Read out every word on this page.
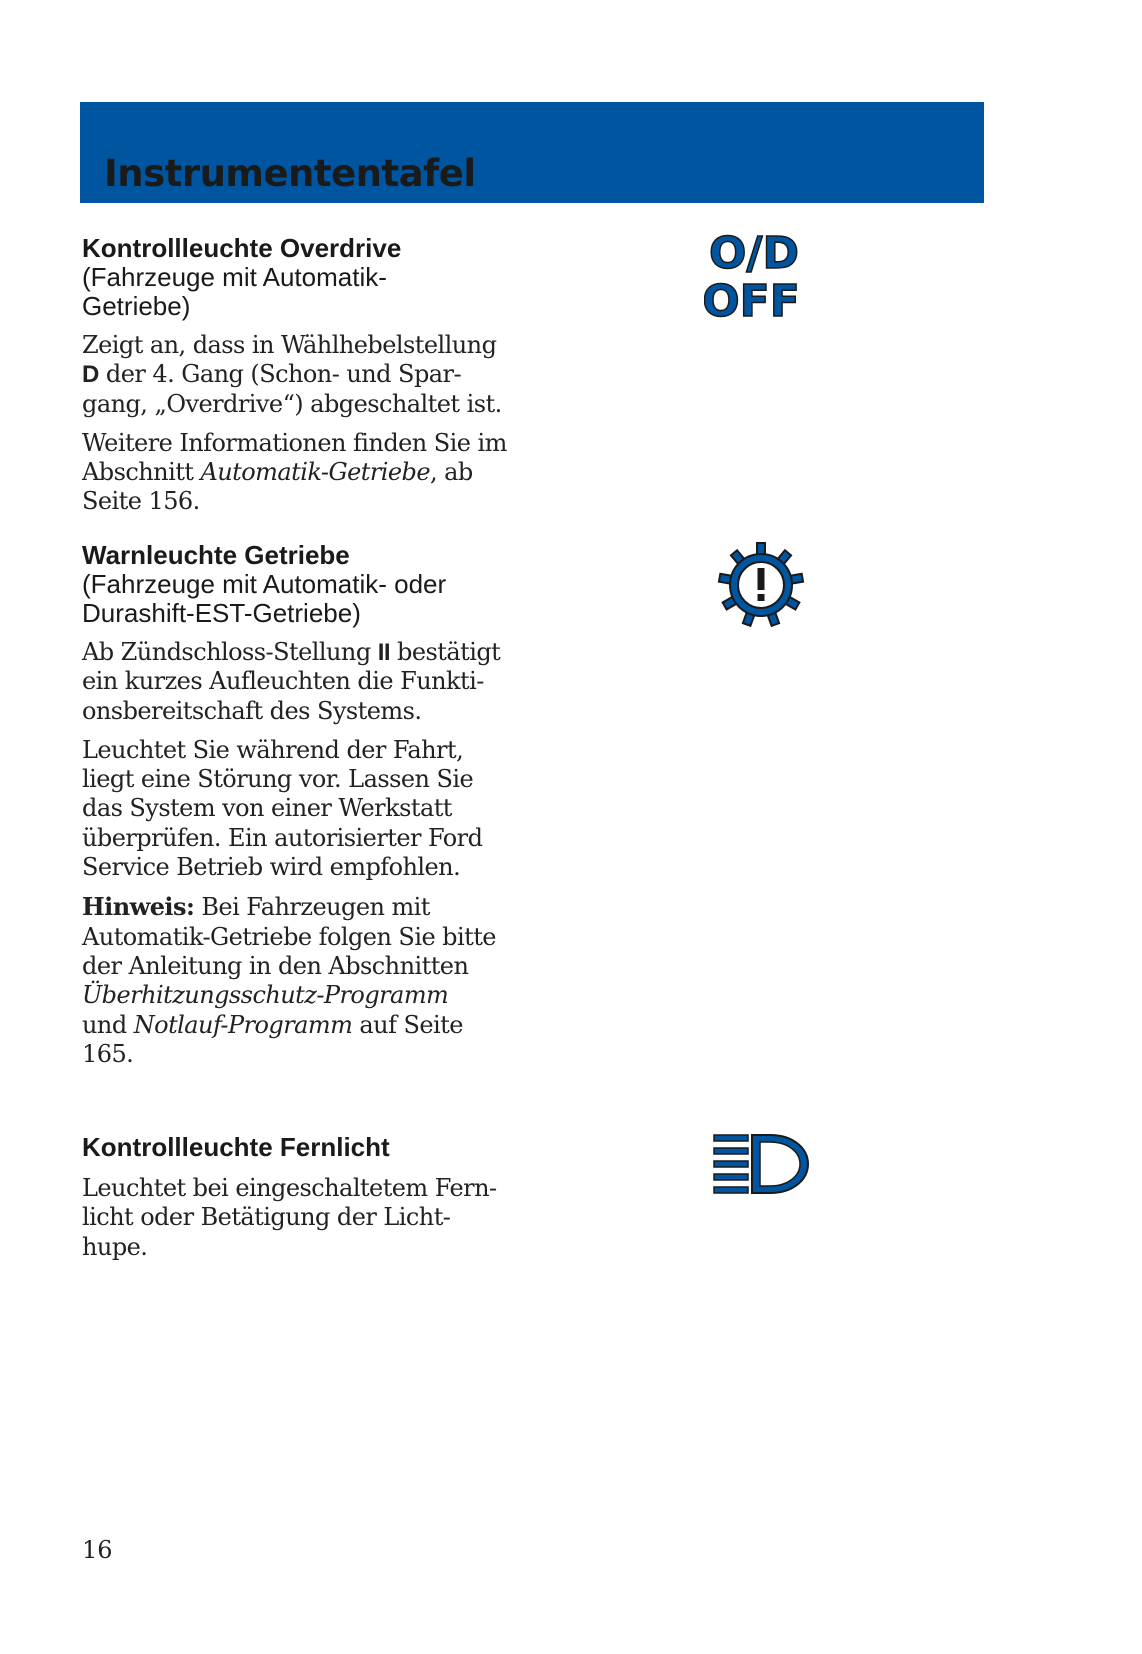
Instrumententafel

Kontrollleuchte Overdrive

(Fahrzeuge mit Automatik-

Getriebe)

Zeigt an, dass in Wählhebelstellung
D der 4. Gang (Schon- und Spar-
gang, „Overdrive“) abgeschaltet ist.

Weitere Informationen finden Sie im
Abschnitt Automatik-Getriebe, ab
Seite 156.

O/D
OFF

Warnleuchte Getriebe

(Fahrzeuge mit Automatik- oder

Durashift-EST-Getriebe)

Ab Zündschloss-Stellung II bestätigt
ein kurzes Aufleuchten die Funkti-
onsbereitschaft des Systems.

Leuchtet Sie während der Fahrt,
liegt eine Störung vor. Lassen Sie
das System von einer Werkstatt
überprüfen. Ein autorisierter Ford
Service Betrieb wird empfohlen.

Hinweis: Bei Fahrzeugen mit
Automatik-Getriebe folgen Sie bitte
der Anleitung in den Abschnitten
Überhitzungsschutz-Programm
und Notlauf-Programm auf Seite
165.

Kontrollleuchte Fernlicht

Leuchtet bei eingeschaltetem Fern-
licht oder Betätigung der Licht-
hupe.

16
